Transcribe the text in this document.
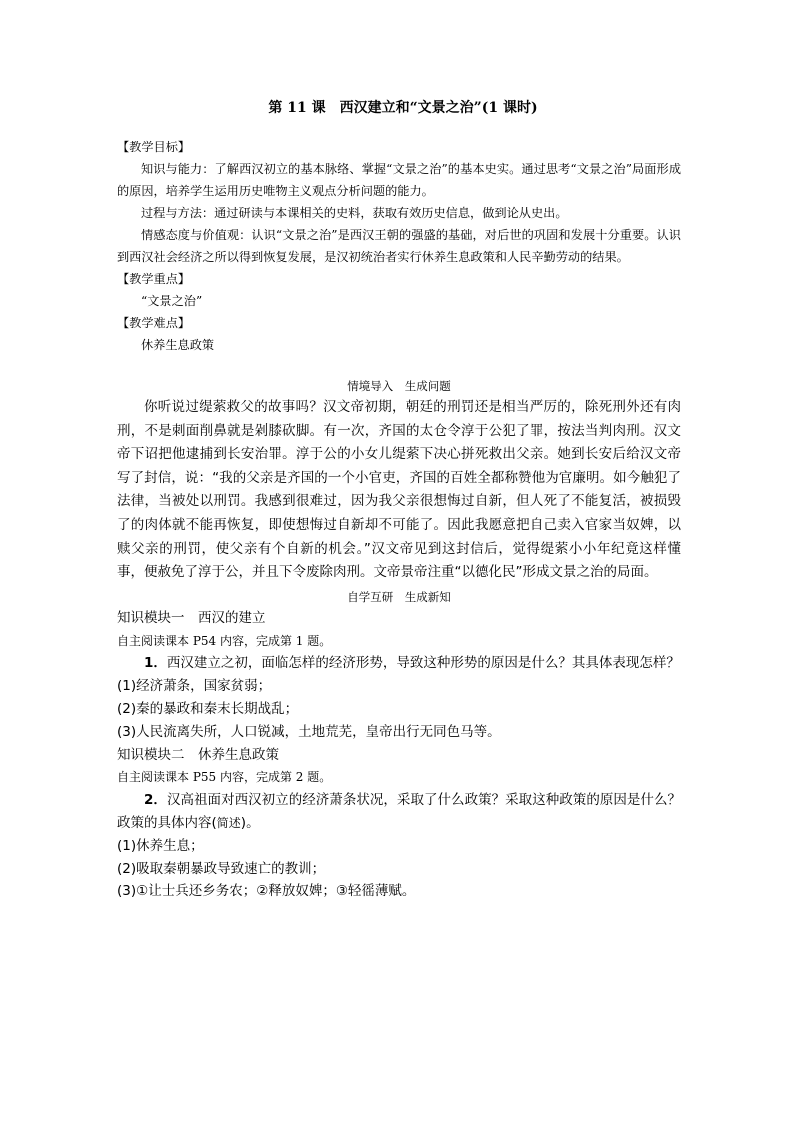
第 11 课　西汉建立和“文景之治”(1 课时)

【教学目标】

知识与能力：了解西汉初立的基本脉络、掌握“文景之治”的基本史实。通过思考“文景之治”局面形成的原因，培养学生运用历史唯物主义观点分析问题的能力。

过程与方法：通过研读与本课相关的史料，获取有效历史信息，做到论从史出。

情感态度与价值观：认识“文景之治”是西汉王朝的强盛的基础，对后世的巩固和发展十分重要。认识到西汉社会经济之所以得到恢复发展，是汉初统治者实行休养生息政策和人民辛勤劳动的结果。

【教学重点】

“文景之治”

【教学难点】

休养生息政策

情境导入　生成问题

你听说过缇萦救父的故事吗？汉文帝初期，朝廷的刑罚还是相当严厉的，除死刑外还有肉刑，不是刺面削鼻就是剁膝砍脚。有一次，齐国的太仓令淳于公犯了罪，按法当判肉刑。汉文帝下诏把他逮捕到长安治罪。淳于公的小女儿缇萦下决心拼死救出父亲。她到长安后给汉文帝写了封信，说：“我的父亲是齐国的一个小官吏，齐国的百姓全都称赞他为官廉明。如今触犯了法律，当被处以刑罚。我感到很难过，因为我父亲很想悔过自新，但人死了不能复活，被损毁了的肉体就不能再恢复，即使想悔过自新却不可能了。因此我愿意把自己卖入官家当奴婢，以赎父亲的刑罚，使父亲有个自新的机会。”汉文帝见到这封信后，觉得缇萦小小年纪竟这样懂事，便赦免了淳于公，并且下令废除肉刑。文帝景帝注重“以德化民”形成文景之治的局面。

自学互研　生成新知

知识模块一　西汉的建立

自主阅读课本 P54 内容，完成第 1 题。

1．西汉建立之初，面临怎样的经济形势，导致这种形势的原因是什么？其具体表现怎样？

(1)经济萧条，国家贫弱；

(2)秦的暴政和秦末长期战乱；

(3)人民流离失所，人口锐减，土地荒芜，皇帝出行无同色马等。

知识模块二　休养生息政策

自主阅读课本 P55 内容，完成第 2 题。

2．汉高祖面对西汉初立的经济萧条状况，采取了什么政策？采取这种政策的原因是什么？政策的具体内容(简述)。

(1)休养生息；

(2)吸取秦朝暴政导致速亡的教训；

(3)①让士兵还乡务农；②释放奴婢；③轻徭薄赋。
